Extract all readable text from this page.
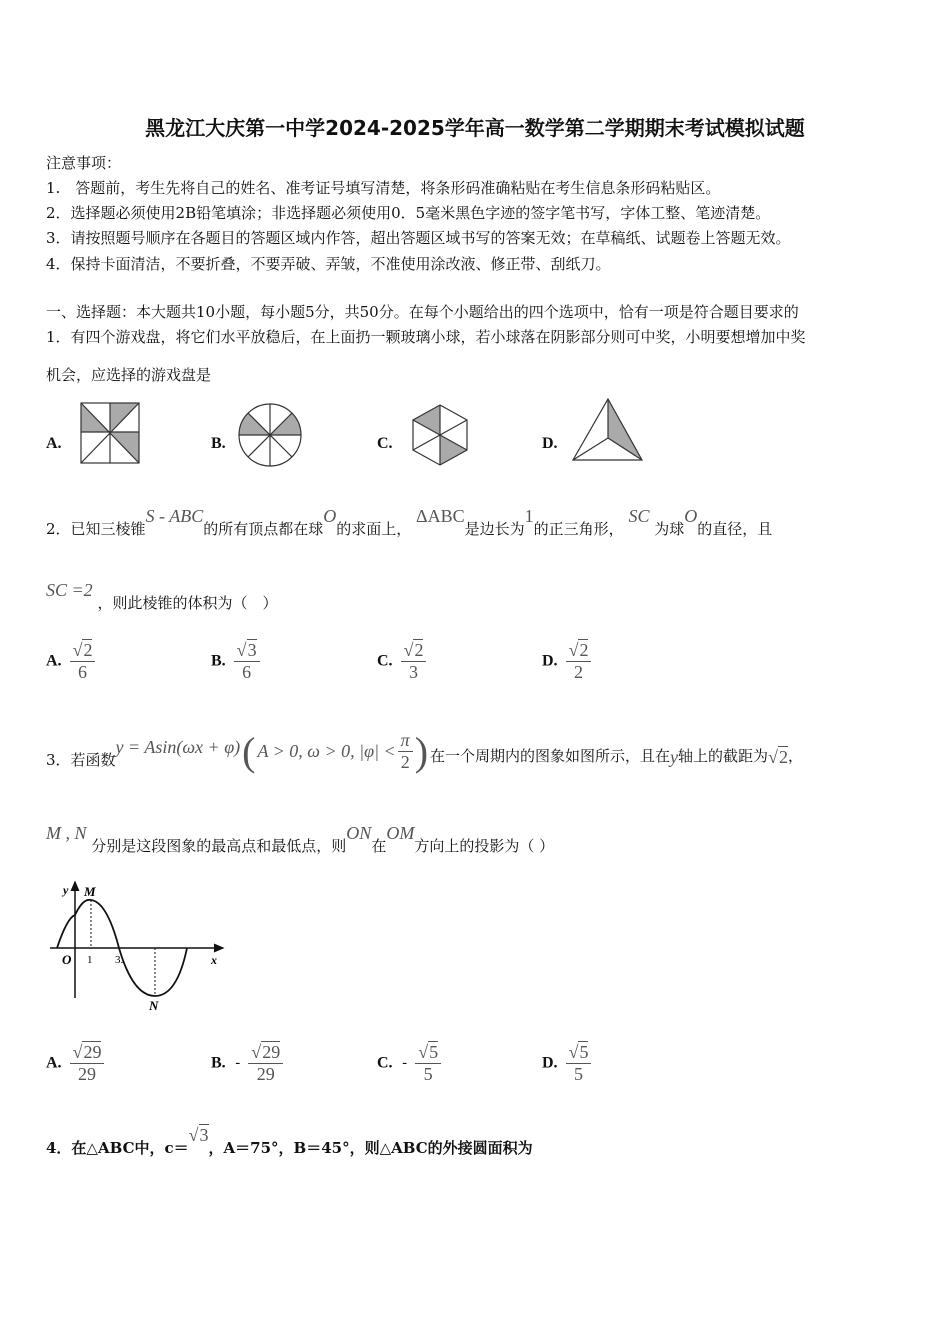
黑龙江大庆第一中学2024-2025学年高一数学第二学期期末考试模拟试题
注意事项：
1.　答题前，考生先将自己的姓名、准考证号填写清楚，将条形码准确粘贴在考生信息条形码粘贴区。
2．选择题必须使用2B铅笔填涂；非选择题必须使用0．5毫米黑色字迹的签字笔书写，字体工整、笔迹清楚。
3．请按照题号顺序在各题目的答题区域内作答，超出答题区域书写的答案无效；在草稿纸、试题卷上答题无效。
4．保持卡面清洁，不要折叠，不要弄破、弄皱，不准使用涂改液、修正带、刮纸刀。
一、选择题：本大题共10小题，每小题5分，共50分。在每个小题给出的四个选项中，恰有一项是符合题目要求的
1．有四个游戏盘，将它们水平放稳后，在上面扔一颗玻璃小球，若小球落在阴影部分则可中奖，小明要想增加中奖
机会，应选择的游戏盘是
A.	B.	C.	D.
2．已知三棱锥S - ABC的所有顶点都在球O的求面上， ΔABC是边长为1的正三角形， SC 为球O的直径，且
SC =2 ，则此棱锥的体积为（　）
A. $\frac{√2}{6}$	B. $\frac{√3}{6}$	C. $\frac{√2}{3}$	D. $\frac{√2}{2}$
3．若函数
y = Asin(ωx + φ) ( A > 0, ω > 0, $|\varphi| < \frac{\pi}{2}$ ) 在一个周期内的图象如图所示，且在 y 轴上的截距为 √2 ，
M , N 分别是这段图象的最高点和最低点，则ON在OM方向上的投影为（ ）
y
x
O
M
N
1 3.
A. $\frac{√29}{29}$	B. - $\frac{√29}{29}$	C. - $\frac{√5}{5}$	D. $\frac{√5}{5}$
4．在△ABC中，c＝√3，A＝75°，B＝45°，则△ABC的外接圆面积为
